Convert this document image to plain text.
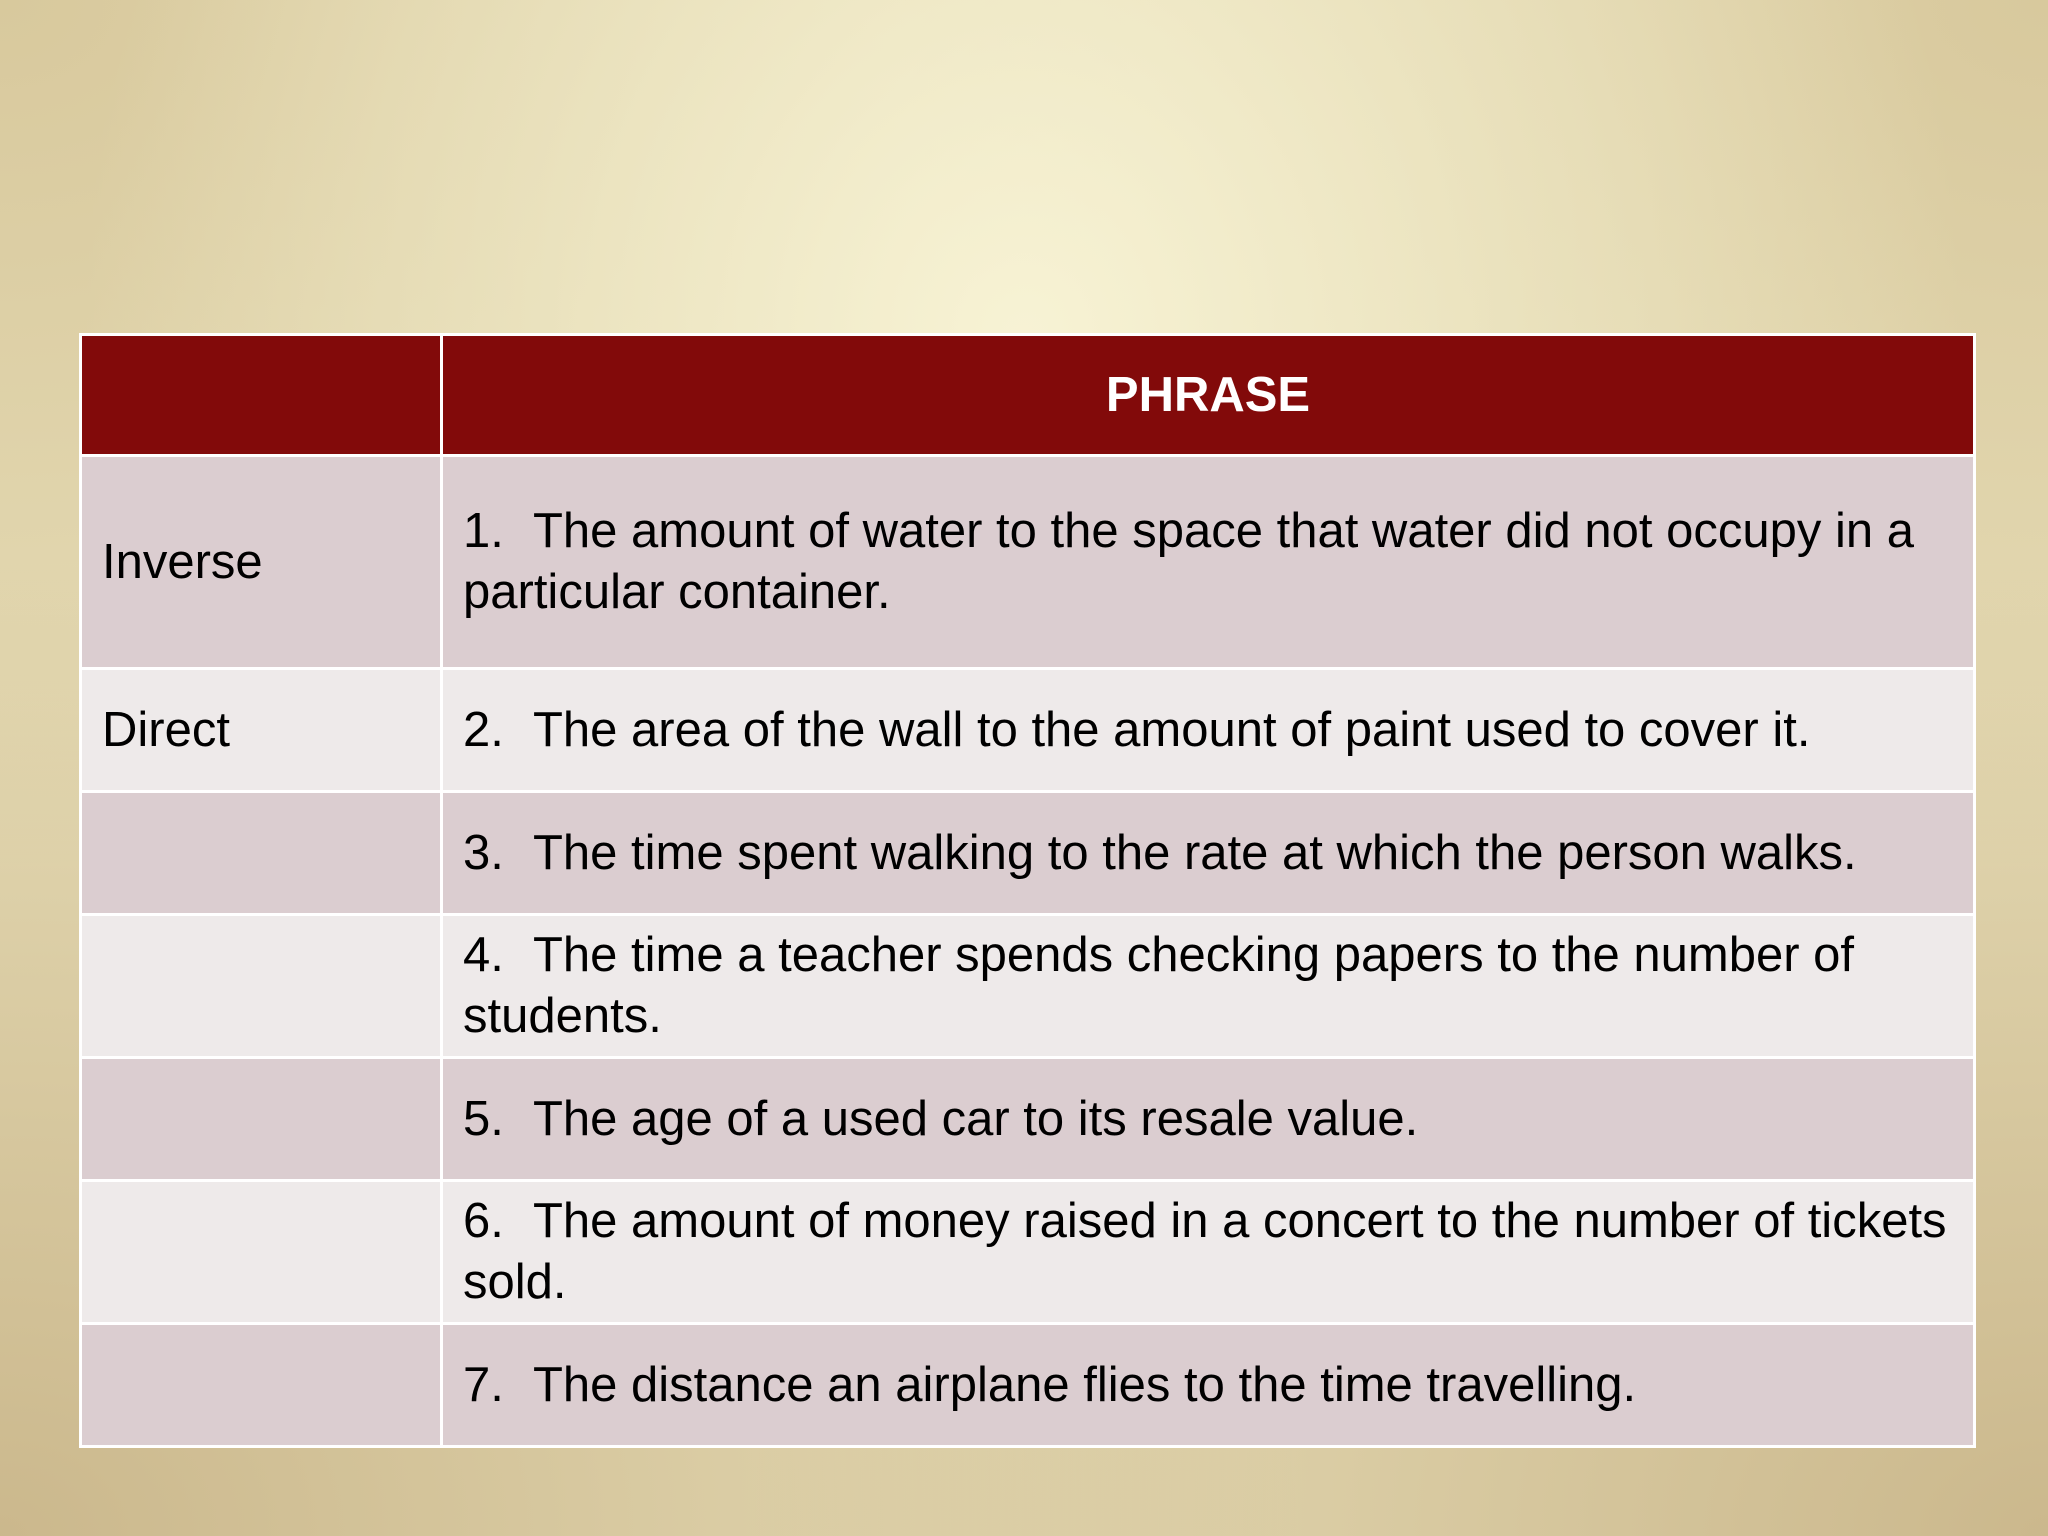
	PHRASE
Inverse	1. The amount of water to the space that water did not occupy in a particular container.
Direct	2. The area of the wall to the amount of paint used to cover it.
	3. The time spent walking to the rate at which the person walks.
	4. The time a teacher spends checking papers to the number of students.
	5. The age of a used car to its resale value.
	6. The amount of money raised in a concert to the number of tickets sold.
	7. The distance an airplane flies to the time travelling.
